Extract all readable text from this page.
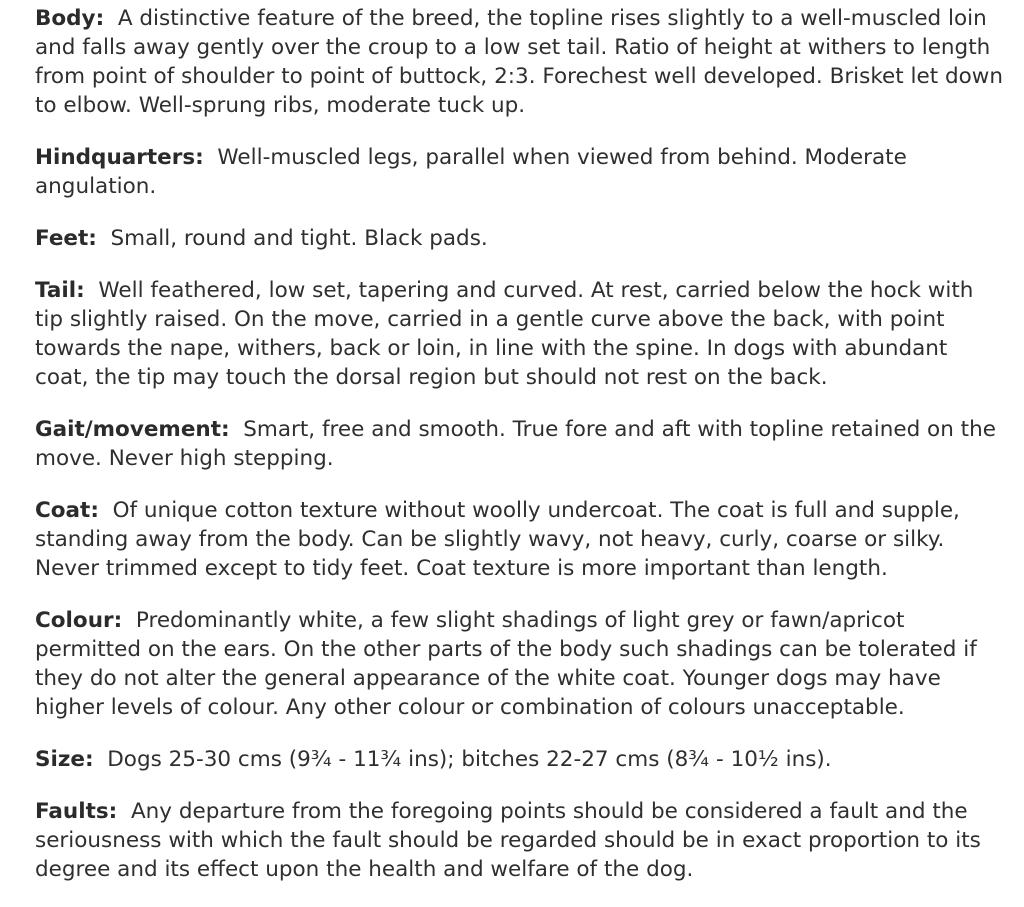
Body: A distinctive feature of the breed, the topline rises slightly to a well-muscled loin and falls away gently over the croup to a low set tail. Ratio of height at withers to length from point of shoulder to point of buttock, 2:3. Forechest well developed. Brisket let down to elbow. Well-sprung ribs, moderate tuck up.

Hindquarters: Well-muscled legs, parallel when viewed from behind. Moderate angulation.

Feet: Small, round and tight. Black pads.

Tail: Well feathered, low set, tapering and curved. At rest, carried below the hock with tip slightly raised. On the move, carried in a gentle curve above the back, with point towards the nape, withers, back or loin, in line with the spine. In dogs with abundant coat, the tip may touch the dorsal region but should not rest on the back.

Gait/movement: Smart, free and smooth. True fore and aft with topline retained on the move. Never high stepping.

Coat: Of unique cotton texture without woolly undercoat. The coat is full and supple, standing away from the body. Can be slightly wavy, not heavy, curly, coarse or silky. Never trimmed except to tidy feet. Coat texture is more important than length.

Colour: Predominantly white, a few slight shadings of light grey or fawn/apricot permitted on the ears. On the other parts of the body such shadings can be tolerated if they do not alter the general appearance of the white coat. Younger dogs may have higher levels of colour. Any other colour or combination of colours unacceptable.

Size: Dogs 25-30 cms (9¾ - 11¾ ins); bitches 22-27 cms (8¾ - 10½ ins).

Faults: Any departure from the foregoing points should be considered a fault and the seriousness with which the fault should be regarded should be in exact proportion to its degree and its effect upon the health and welfare of the dog.
